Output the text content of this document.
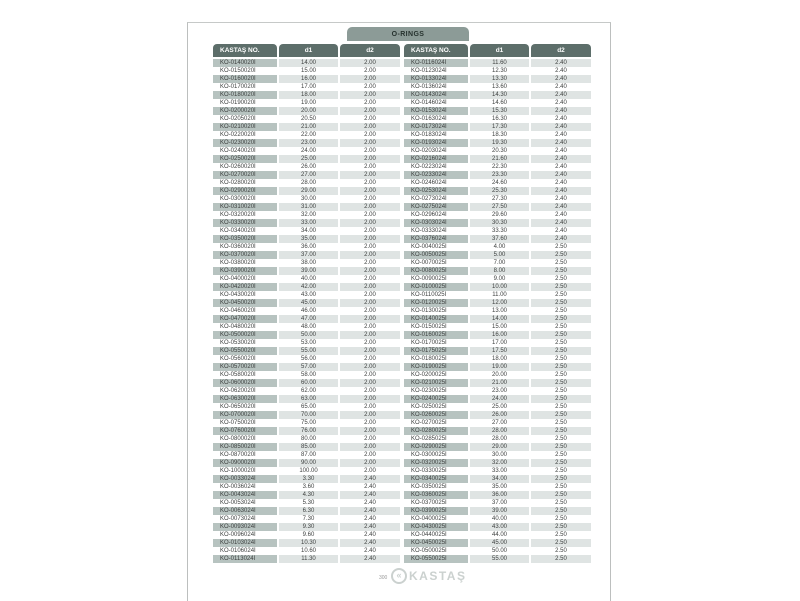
O-RINGS
KASTAŞ NO.	d1	d2
KO-0140020İ	14.00	2.00
KO-0150020İ	15.00	2.00
KO-0160020İ	16.00	2.00
KO-0170020İ	17.00	2.00
KO-0180020İ	18.00	2.00
KO-0190020İ	19.00	2.00
KO-0200020İ	20.00	2.00
KO-0205020İ	20.50	2.00
KO-0210020İ	21.00	2.00
KO-0220020İ	22.00	2.00
KO-0230020İ	23.00	2.00
KO-0240020İ	24.00	2.00
KO-0250020İ	25.00	2.00
KO-0260020İ	26.00	2.00
KO-0270020İ	27.00	2.00
KO-0280020İ	28.00	2.00
KO-0290020İ	29.00	2.00
KO-0300020İ	30.00	2.00
KO-0310020İ	31.00	2.00
KO-0320020İ	32.00	2.00
KO-0330020İ	33.00	2.00
KO-0340020İ	34.00	2.00
KO-0350020İ	35.00	2.00
KO-0360020İ	36.00	2.00
KO-0370020İ	37.00	2.00
KO-0380020İ	38.00	2.00
KO-0390020İ	39.00	2.00
KO-0400020İ	40.00	2.00
KO-0420020İ	42.00	2.00
KO-0430020İ	43.00	2.00
KO-0450020İ	45.00	2.00
KO-0460020İ	46.00	2.00
KO-0470020İ	47.00	2.00
KO-0480020İ	48.00	2.00
KO-0500020İ	50.00	2.00
KO-0530020İ	53.00	2.00
KO-0550020İ	55.00	2.00
KO-0560020İ	56.00	2.00
KO-0570020İ	57.00	2.00
KO-0580020İ	58.00	2.00
KO-0600020İ	60.00	2.00
KO-0620020İ	62.00	2.00
KO-0630020İ	63.00	2.00
KO-0650020İ	65.00	2.00
KO-0700020İ	70.00	2.00
KO-0750020İ	75.00	2.00
KO-0760020İ	76.00	2.00
KO-0800020İ	80.00	2.00
KO-0850020İ	85.00	2.00
KO-0870020İ	87.00	2.00
KO-0900020İ	90.00	2.00
KO-1000020İ	100.00	2.00
KO-0033024İ	3.30	2.40
KO-0036024İ	3.60	2.40
KO-0043024İ	4.30	2.40
KO-0053024İ	5.30	2.40
KO-0063024İ	6.30	2.40
KO-0073024İ	7.30	2.40
KO-0093024İ	9.30	2.40
KO-0096024İ	9.60	2.40
KO-0103024İ	10.30	2.40
KO-0106024İ	10.60	2.40
KO-0113024İ	11.30	2.40
KASTAŞ NO.	d1	d2
KO-0116024İ	11.60	2.40
KO-0123024İ	12.30	2.40
KO-0133024İ	13.30	2.40
KO-0136024İ	13.60	2.40
KO-0143024İ	14.30	2.40
KO-0146024İ	14.60	2.40
KO-0153024İ	15.30	2.40
KO-0163024İ	16.30	2.40
KO-0173024İ	17.30	2.40
KO-0183024İ	18.30	2.40
KO-0193024İ	19.30	2.40
KO-0203024İ	20.30	2.40
KO-0216024İ	21.60	2.40
KO-0223024İ	22.30	2.40
KO-0233024İ	23.30	2.40
KO-0246024İ	24.60	2.40
KO-0253024İ	25.30	2.40
KO-0273024İ	27.30	2.40
KO-0275024İ	27.50	2.40
KO-0296024İ	29.60	2.40
KO-0303024İ	30.30	2.40
KO-0333024İ	33.30	2.40
KO-0376024İ	37.60	2.40
KO-0040025İ	4.00	2.50
KO-0050025İ	5.00	2.50
KO-0070025İ	7.00	2.50
KO-0080025İ	8.00	2.50
KO-0090025İ	9.00	2.50
KO-0100025İ	10.00	2.50
KO-0110025İ	11.00	2.50
KO-0120025İ	12.00	2.50
KO-0130025İ	13.00	2.50
KO-0140025İ	14.00	2.50
KO-0150025İ	15.00	2.50
KO-0160025İ	16.00	2.50
KO-0170025İ	17.00	2.50
KO-0175025İ	17.50	2.50
KO-0180025İ	18.00	2.50
KO-0190025İ	19.00	2.50
KO-0200025İ	20.00	2.50
KO-0210025İ	21.00	2.50
KO-0230025İ	23.00	2.50
KO-0240025İ	24.00	2.50
KO-0250025İ	25.00	2.50
KO-0260025İ	26.00	2.50
KO-0270025İ	27.00	2.50
KO-0280025İ	28.00	2.50
KO-0285025İ	28.00	2.50
KO-0290025İ	29.00	2.50
KO-0300025İ	30.00	2.50
KO-0320025İ	32.00	2.50
KO-0330025İ	33.00	2.50
KO-0340025İ	34.00	2.50
KO-0350025İ	35.00	2.50
KO-0360025İ	36.00	2.50
KO-0370025İ	37.00	2.50
KO-0390025İ	39.00	2.50
KO-0400025İ	40.00	2.50
KO-0430025İ	43.00	2.50
KO-0440025İ	44.00	2.50
KO-0450025İ	45.00	2.50
KO-0500025İ	50.00	2.50
KO-0550025İ	55.00	2.50
300	« KASTAŞ
